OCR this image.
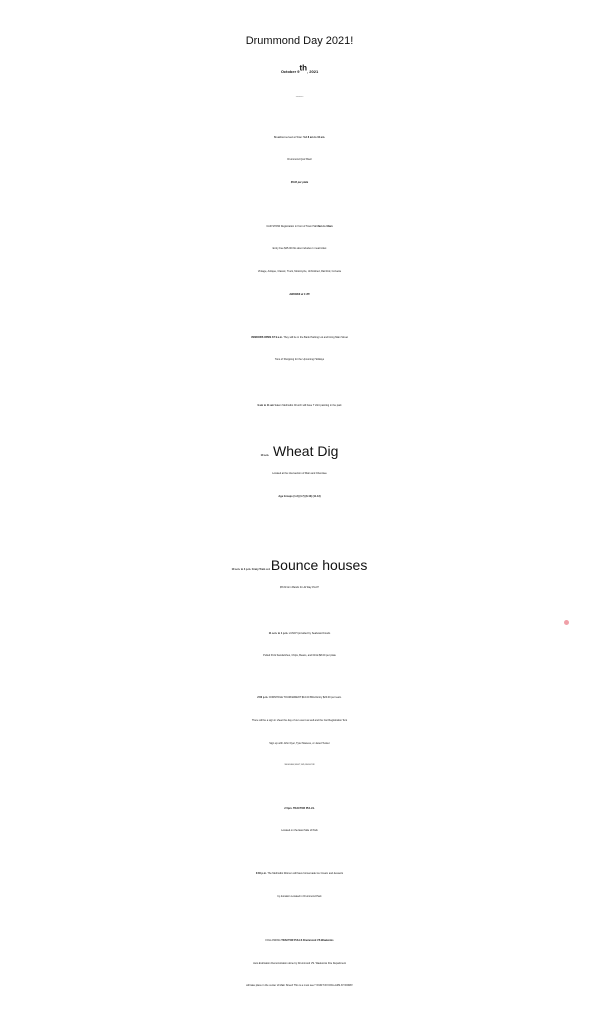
Drummond Day 2021!
October 9th, 2021
Breakfast served at Town Hall 8 am to 10 am.
Drummond Quiz Bowl
$5.00 per plate
CAR SHOW Registration in front of Town Hall 8am to 10am
Entry Fee $25.00 this also includes 1 meal ticket
Vintage, Antique, Classic, Truck, Motorcycle, Unfinished, Rat Rod, Corvette
AWARDS at 1:45!
VENDORS OPEN AT 9 a.m. They will be in the Bank Parking Lot and lining Main Street
Tons of Shopping for the Upcoming Holidays
9 am to 11 am Salem Methodist Church will have T shirt painting in the park
10 a.m. Wheat Dig
Located at the intersection of Main and Cherokee
Age Groups (1-3) (4-7) (8-10) (11-13)
10 a.m. to 4 p.m. Crazy Train and Bounce houses
$5.00 Arm Bands for All Day PLAY!
11 a.m. to 1 p.m. LUNCH provided by Seaboard Foods
Pulled Pork Sandwiches, Chips, Beans, and Drink $8.00 per plate
2:00 p.m. CORNHOLE TOURNAMENT $10.00 Blind Entry $20.00 per team.
There will be a sign in sheet the day of our event as well and the Car Registration Tent
Sign up with John Dyer, Tyler Maness, or Jared Tucker
580-541-8406, 580-977, 9145, 580-541-7158
2-5pm. TRACTOR PULLS.
Located on the East Side of Park
3:30 p.m. The Methodist Women will have homemade Ice Cream and desserts
by donation Located in Drummond Park
FOLLOWING TRACTOR PULLS Drummond VS Waukomis
Auto Extrication Demonstration done by Drummond VS. Waukomis Fire Department
will take place in the center of Main Street! This is a must see! YOUR TAX DOLLARS AT WORK!
